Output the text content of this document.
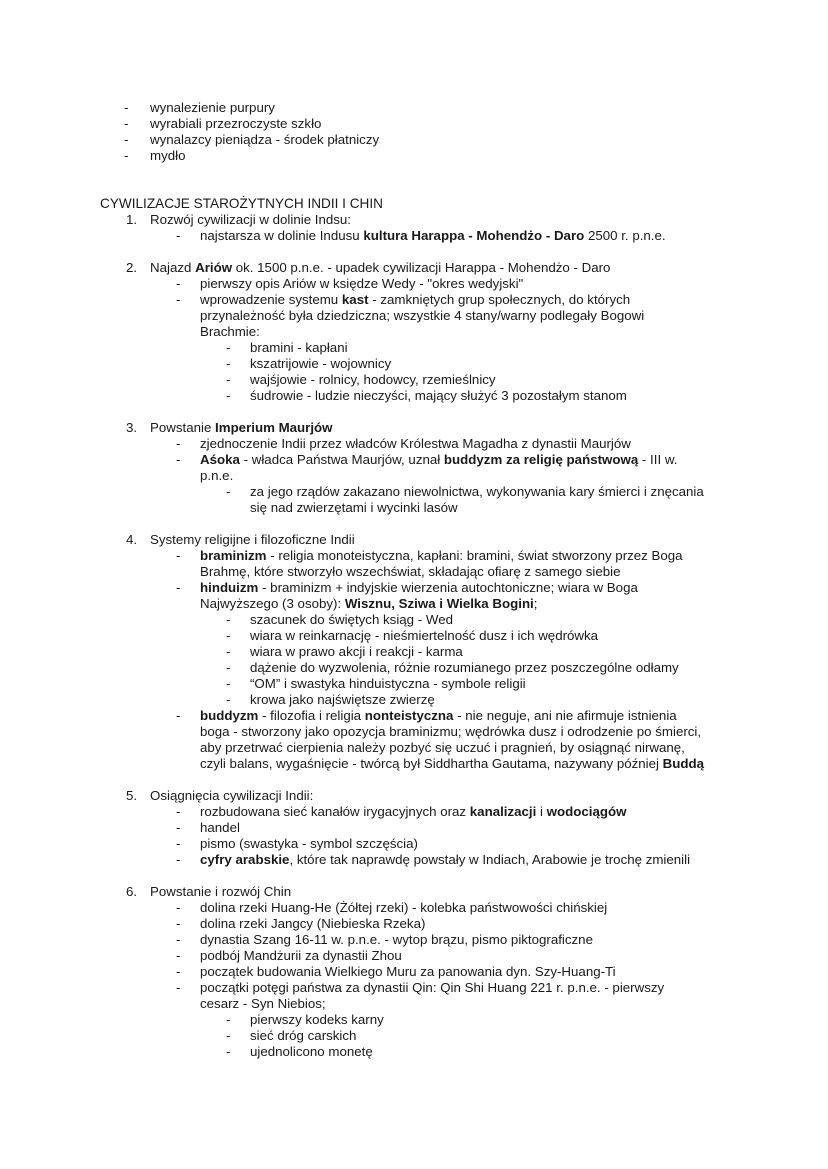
- wynalezienie purpury
- wyrabiali przezroczyste szkło
- wynalazcy pieniądza - środek płatniczy
- mydło
CYWILIZACJE STAROŻYTNYCH INDII I CHIN
1. Rozwój cywilizacji w dolinie Indsu:
- najstarsza w dolinie Indusu kultura Harappa - Mohendżo - Daro 2500 r. p.n.e.
2. Najazd Ariów ok. 1500 p.n.e. - upadek cywilizacji Harappa - Mohendżo - Daro
- pierwszy opis Ariów w księdze Wedy - "okres wedyjski"
- wprowadzenie systemu kast - zamkniętych grup społecznych, do których
przynależność była dziedziczna; wszystkie 4 stany/warny podlegały Bogowi
Brachmie:
- bramini - kapłani
- kszatrijowie - wojownicy
- wajśjowie - rolnicy, hodowcy, rzemieślnicy
- śudrowie - ludzie nieczyści, mający służyć 3 pozostałym stanom
3. Powstanie Imperium Maurjów
- zjednoczenie Indii przez władców Królestwa Magadha z dynastii Maurjów
- Aśoka - władca Państwa Maurjów, uznał buddyzm za religię państwową - III w.
p.n.e.
- za jego rządów zakazano niewolnictwa, wykonywania kary śmierci i znęcania
się nad zwierzętami i wycinki lasów
4. Systemy religijne i filozoficzne Indii
- braminizm - religia monoteistyczna, kapłani: bramini, świat stworzony przez Boga
Brahmę, które stworzyło wszechświat, składając ofiarę z samego siebie
- hinduizm - braminizm + indyjskie wierzenia autochtoniczne; wiara w Boga
Najwyższego (3 osoby): Wisznu, Sziwa i Wielka Bogini;
- szacunek do świętych ksiąg - Wed
- wiara w reinkarnację - nieśmiertelność dusz i ich wędrówka
- wiara w prawo akcji i reakcji - karma
- dążenie do wyzwolenia, różnie rozumianego przez poszczególne odłamy
- “OM” i swastyka hinduistyczna - symbole religii
- krowa jako najświętsze zwierzę
- buddyzm - filozofia i religia nonteistyczna - nie neguje, ani nie afirmuje istnienia
boga - stworzony jako opozycja braminizmu; wędrówka dusz i odrodzenie po śmierci,
aby przetrwać cierpienia należy pozbyć się uczuć i pragnień, by osiągnąć nirwanę,
czyli balans, wygaśnięcie - twórcą był Siddhartha Gautama, nazywany później Buddą
5. Osiągnięcia cywilizacji Indii:
- rozbudowana sieć kanałów irygacyjnych oraz kanalizacji i wodociągów
- handel
- pismo (swastyka - symbol szczęścia)
- cyfry arabskie, które tak naprawdę powstały w Indiach, Arabowie je trochę zmienili
6. Powstanie i rozwój Chin
- dolina rzeki Huang-He (Żółtej rzeki) - kolebka państwowości chińskiej
- dolina rzeki Jangcy (Niebieska Rzeka)
- dynastia Szang 16-11 w. p.n.e. - wytop brązu, pismo piktograficzne
- podbój Mandżurii za dynastii Zhou
- początek budowania Wielkiego Muru za panowania dyn. Szy-Huang-Ti
- początki potęgi państwa za dynastii Qin: Qin Shi Huang 221 r. p.n.e. - pierwszy
cesarz - Syn Niebios;
- pierwszy kodeks karny
- sieć dróg carskich
- ujednolicono monetę
